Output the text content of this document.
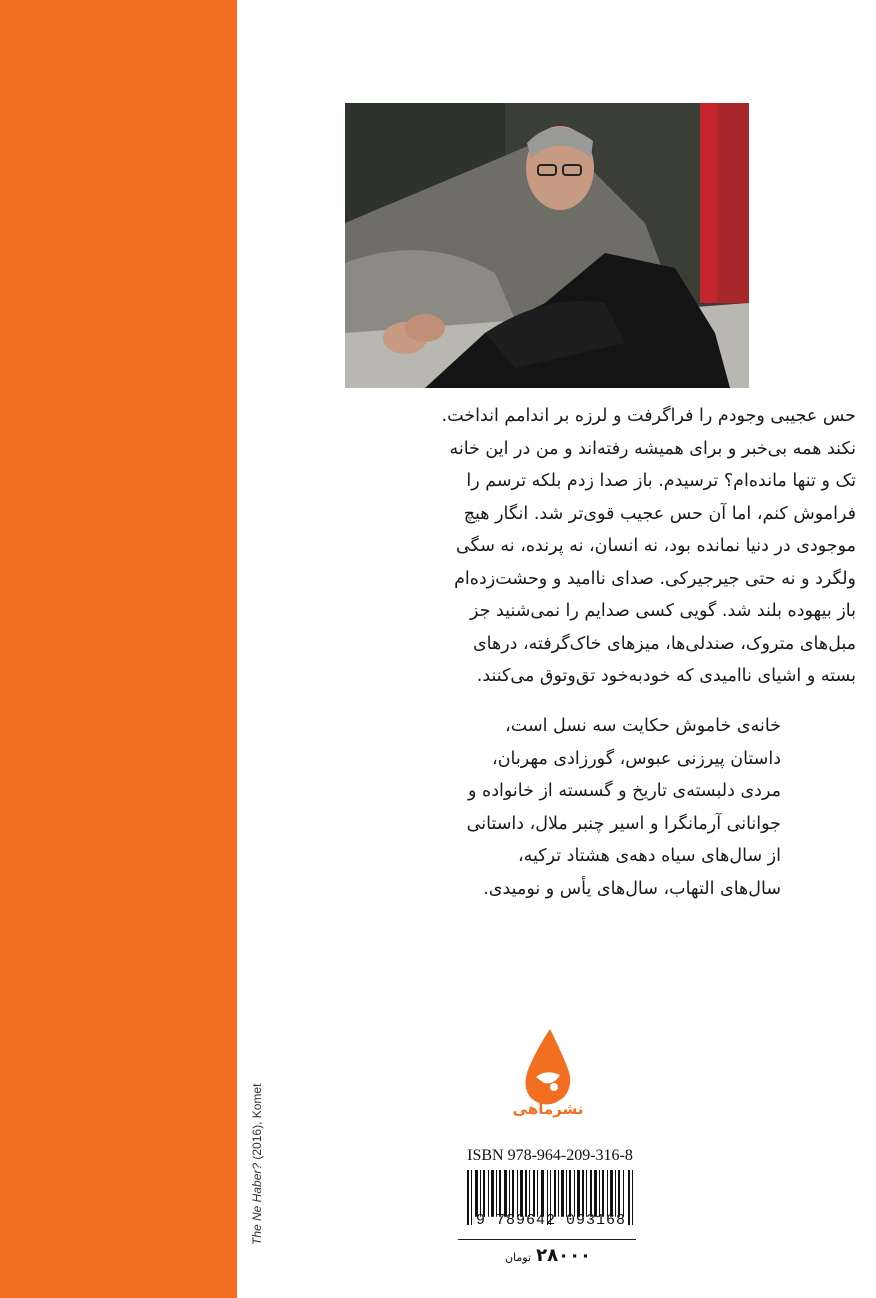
The Ne Haber? (2016), Komet

حس عجیبی وجودم را فراگرفت و لرزه بر اندامم انداخت.

نکند همه بی‌خبر و برای همیشه رفته‌اند و من در این خانه

تک و تنها مانده‌ام؟ ترسیدم. باز صدا زدم بلکه ترسم را

فراموش کنم، اما آن حس عجیب قوی‌تر شد. انگار هیچ

موجودی در دنیا نمانده بود، نه انسان، نه پرنده، نه سگی

ولگرد و نه حتی جیرجیرکی. صدای ناامید و وحشت‌زده‌ام

باز بیهوده بلند شد. گویی کسی صدایم را نمی‌شنید جز

مبل‌های متروک، صندلی‌ها، میزهای خاک‌گرفته، درهای

بسته و اشیای ناامیدی که خودبه‌خود تق‌وتوق می‌کنند.

خانه‌ی خاموش حکایت سه نسل است،

داستان پیرزنی عبوس، گورزادی مهربان،

مردی دلبسته‌ی تاریخ و گسسته از خانواده و

جوانانی آرمانگرا و اسیر چنبر ملال، داستانی

از سال‌های سیاه دهه‌ی هشتاد ترکیه،

سال‌های التهاب، سال‌های یأس و نومیدی.

نشرماهی
ISBN 978-964-209-316-8
9 789642 093168
۲۸۰۰۰ تومان
